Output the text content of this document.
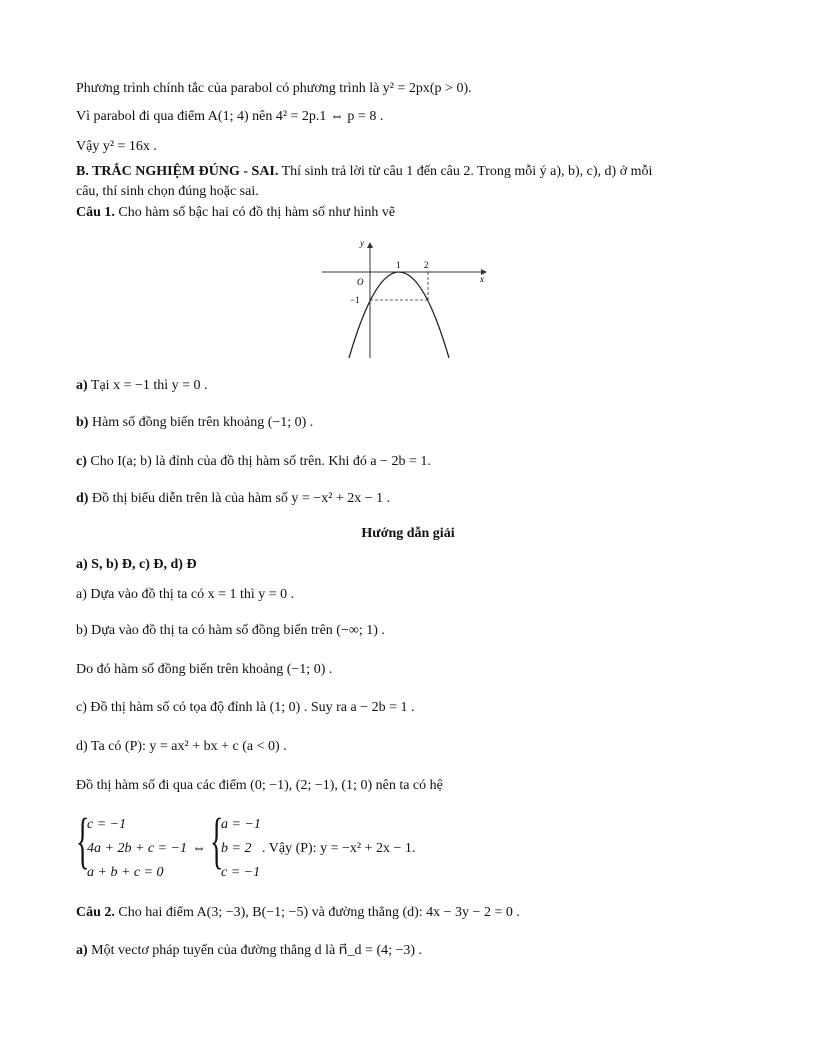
Phương trình chính tắc của parabol có phương trình là y² = 2px(p > 0).
Vì parabol đi qua điểm A(1; 4) nên 4² = 2p.1 ⇔ p = 8 .
Vậy y² = 16x .
B. TRẮC NGHIỆM ĐÚNG - SAI. Thí sinh trả lời từ câu 1 đến câu 2. Trong mỗi ý a), b), c), d) ở mỗi
câu, thí sinh chọn đúng hoặc sai.
Câu 1. Cho hàm số bậc hai có đồ thị hàm số như hình vẽ
y
x
O
1	2
−1
a) Tại x = −1 thì y = 0 .
b) Hàm số đồng biến trên khoảng (−1; 0) .
c) Cho I(a; b) là đỉnh của đồ thị hàm số trên. Khi đó a − 2b = 1.
d) Đồ thị biểu diễn trên là của hàm số y = −x² + 2x − 1 .
Hướng dẫn giải
a) S, b) Đ, c) Đ, d) Đ
a) Dựa vào đồ thị ta có x = 1 thì y = 0 .
b) Dựa vào đồ thị ta có hàm số đồng biến trên (−∞; 1) .
Do đó hàm số đồng biến trên khoảng (−1; 0) .
c) Đồ thị hàm số có tọa độ đỉnh là (1; 0) . Suy ra a − 2b = 1 .
d) Ta có (P): y = ax² + bx + c (a < 0) .
Đồ thị hàm số đi qua các điểm (0; −1), (2; −1), (1; 0) nên ta có hệ
{
c = −1
4a + 2b + c = −1
a + b + c = 0
⇔ {
a = −1
b = 2
c = −1
. Vậy (P): y = −x² + 2x − 1.
Câu 2. Cho hai điểm A(3; −3), B(−1; −5) và đường thẳng (d): 4x − 3y − 2 = 0 .
a) Một vectơ pháp tuyến của đường thẳng d là n⃗_d = (4; −3) .
